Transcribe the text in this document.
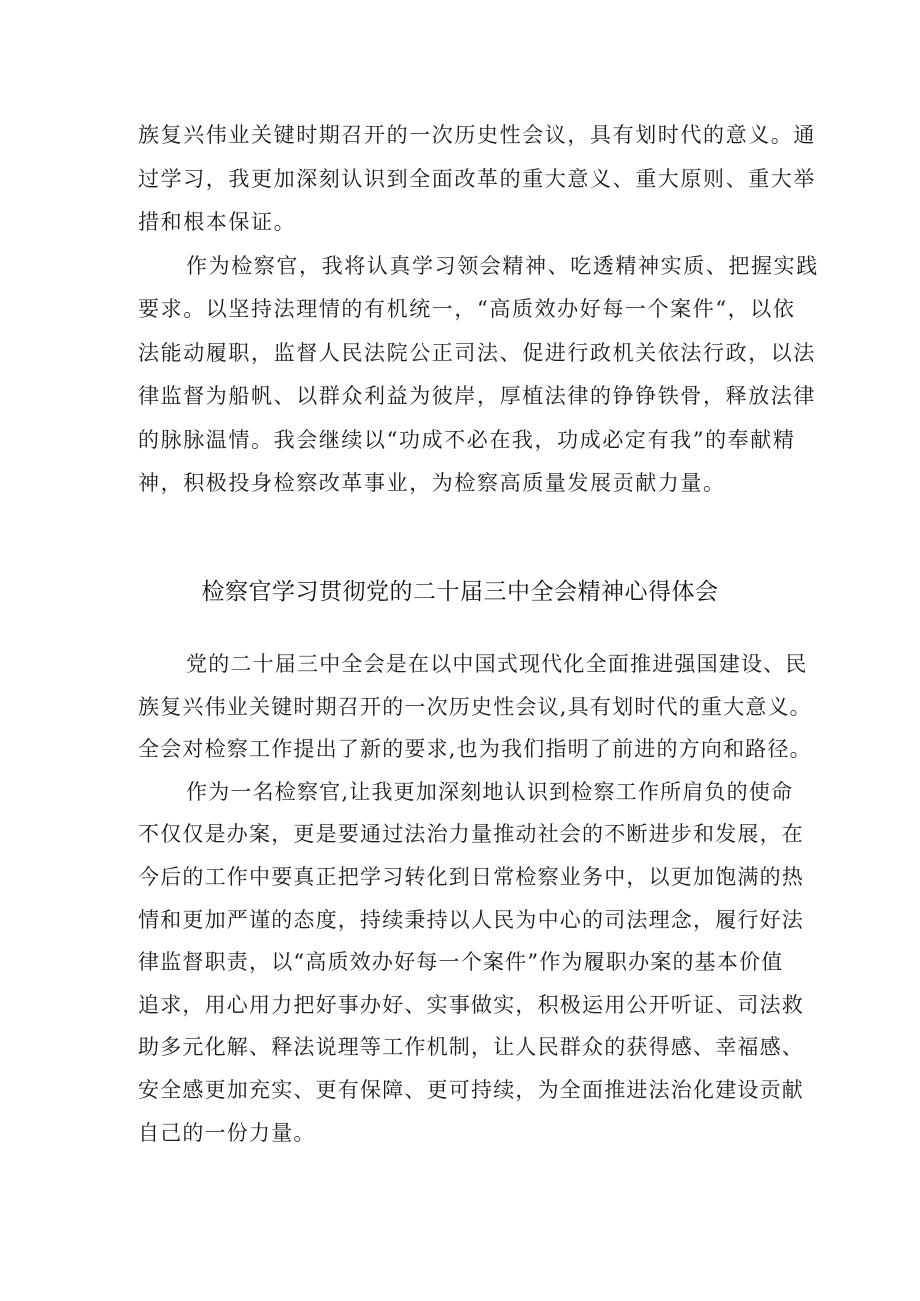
族复兴伟业关键时期召开的一次历史性会议，具有划时代的意义。通
过学习，我更加深刻认识到全面改革的重大意义、重大原则、重大举
措和根本保证。
作为检察官，我将认真学习领会精神、吃透精神实质、把握实践
要求。以坚持法理情的有机统一，“高质效办好每一个案件“，以依
法能动履职，监督人民法院公正司法、促进行政机关依法行政，以法
律监督为船帆、以群众利益为彼岸，厚植法律的铮铮铁骨，释放法律
的脉脉温情。我会继续以“功成不必在我，功成必定有我”的奉献精
神，积极投身检察改革事业，为检察高质量发展贡献力量。
检察官学习贯彻党的二十届三中全会精神心得体会
党的二十届三中全会是在以中国式现代化全面推进强国建设、民
族复兴伟业关键时期召开的一次历史性会议,具有划时代的重大意义。
全会对检察工作提出了新的要求,也为我们指明了前进的方向和路径。
作为一名检察官,让我更加深刻地认识到检察工作所肩负的使命
不仅仅是办案，更是要通过法治力量推动社会的不断进步和发展，在
今后的工作中要真正把学习转化到日常检察业务中，以更加饱满的热
情和更加严谨的态度，持续秉持以人民为中心的司法理念，履行好法
律监督职责，以“高质效办好每一个案件”作为履职办案的基本价值
追求，用心用力把好事办好、实事做实，积极运用公开听证、司法救
助多元化解、释法说理等工作机制，让人民群众的获得感、幸福感、
安全感更加充实、更有保障、更可持续，为全面推进法治化建设贡献
自己的一份力量。
